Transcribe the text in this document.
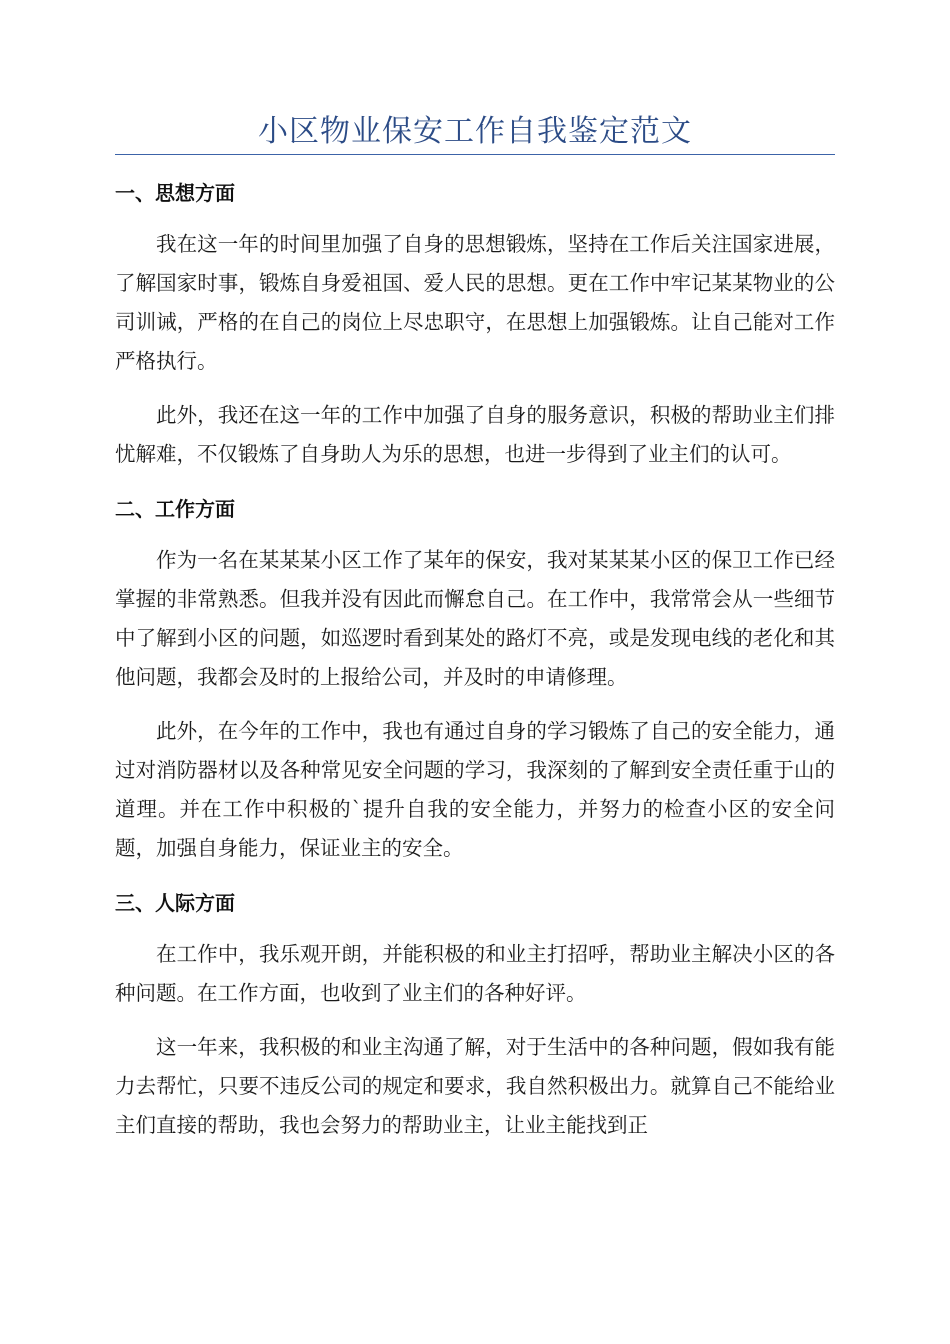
小区物业保安工作自我鉴定范文
一、思想方面

我在这一年的时间里加强了自身的思想锻炼，坚持在工作后关注国家进展，了解国家时事，锻炼自身爱祖国、爱人民的思想。更在工作中牢记某某物业的公司训诫，严格的在自己的岗位上尽忠职守，在思想上加强锻炼。让自己能对工作严格执行。

此外，我还在这一年的工作中加强了自身的服务意识，积极的帮助业主们排忧解难，不仅锻炼了自身助人为乐的思想，也进一步得到了业主们的认可。

二、工作方面

作为一名在某某某小区工作了某年的保安，我对某某某小区的保卫工作已经掌握的非常熟悉。但我并没有因此而懈怠自己。在工作中，我常常会从一些细节中了解到小区的问题，如巡逻时看到某处的路灯不亮，或是发现电线的老化和其他问题，我都会及时的上报给公司，并及时的申请修理。

此外，在今年的工作中，我也有通过自身的学习锻炼了自己的安全能力，通过对消防器材以及各种常见安全问题的学习，我深刻的了解到安全责任重于山的道理。并在工作中积极的`提升自我的安全能力，并努力的检查小区的安全问题，加强自身能力，保证业主的安全。

三、人际方面

在工作中，我乐观开朗，并能积极的和业主打招呼，帮助业主解决小区的各种问题。在工作方面，也收到了业主们的各种好评。

这一年来，我积极的和业主沟通了解，对于生活中的各种问题，假如我有能力去帮忙，只要不违反公司的规定和要求，我自然积极出力。就算自己不能给业主们直接的帮助，我也会努力的帮助业主，让业主能找到正
